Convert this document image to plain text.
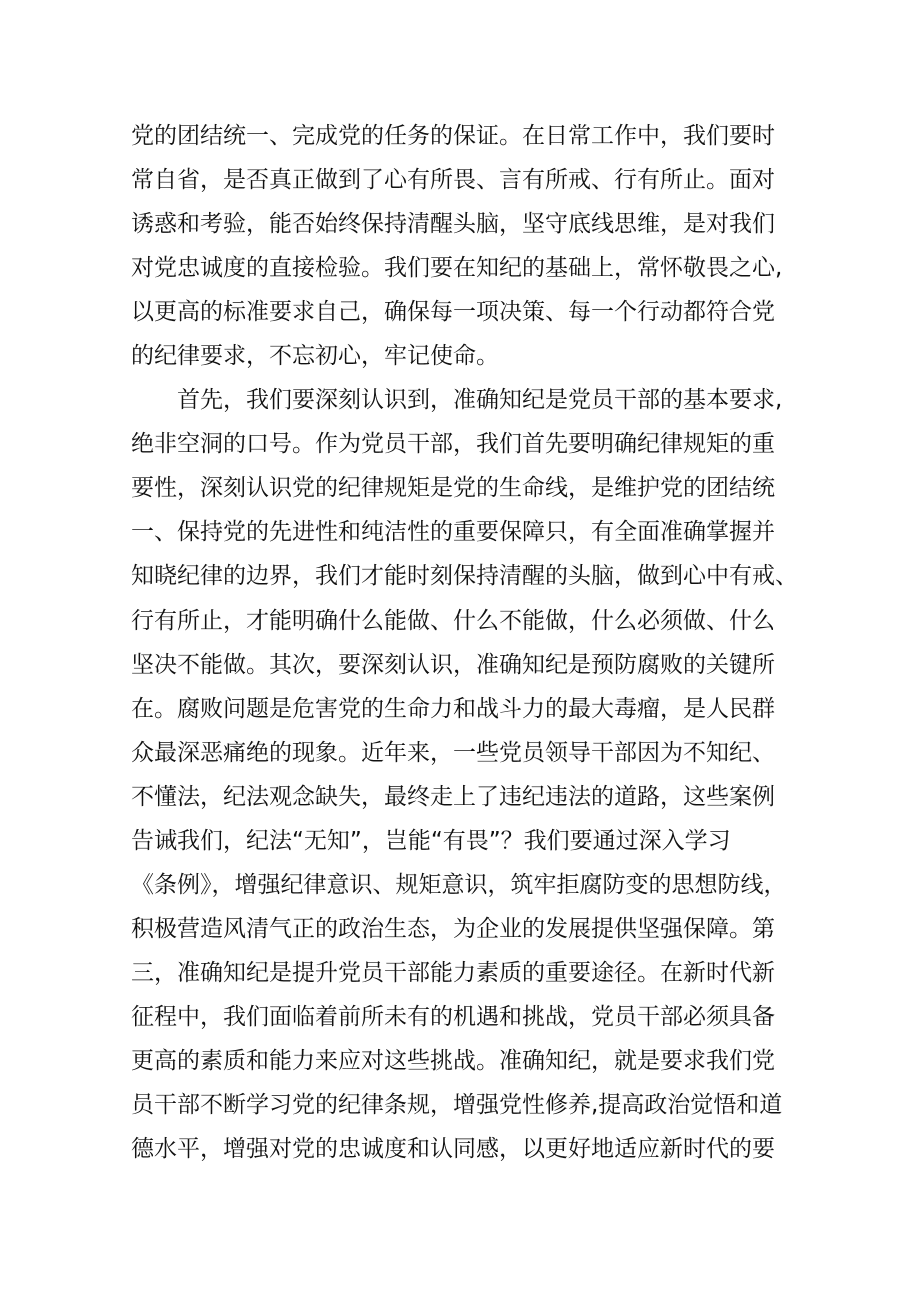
党的团结统一、完成党的任务的保证。在日常工作中，我们要时
常自省，是否真正做到了心有所畏、言有所戒、行有所止。面对
诱惑和考验，能否始终保持清醒头脑，坚守底线思维，是对我们
对党忠诚度的直接检验。我们要在知纪的基础上，常怀敬畏之心,
以更高的标准要求自己，确保每一项决策、每一个行动都符合党
的纪律要求，不忘初心，牢记使命。
首先，我们要深刻认识到，准确知纪是党员干部的基本要求,
绝非空洞的口号。作为党员干部，我们首先要明确纪律规矩的重
要性，深刻认识党的纪律规矩是党的生命线，是维护党的团结统
一、保持党的先进性和纯洁性的重要保障只，有全面准确掌握并
知晓纪律的边界，我们才能时刻保持清醒的头脑，做到心中有戒、
行有所止，才能明确什么能做、什么不能做，什么必须做、什么
坚决不能做。其次，要深刻认识，准确知纪是预防腐败的关键所
在。腐败问题是危害党的生命力和战斗力的最大毒瘤，是人民群
众最深恶痛绝的现象。近年来，一些党员领导干部因为不知纪、
不懂法，纪法观念缺失，最终走上了违纪违法的道路，这些案例
告诫我们，纪法“无知”，岂能“有畏”？我们要通过深入学习
《条例》，增强纪律意识、规矩意识，筑牢拒腐防变的思想防线，
积极营造风清气正的政治生态，为企业的发展提供坚强保障。第
三，准确知纪是提升党员干部能力素质的重要途径。在新时代新
征程中，我们面临着前所未有的机遇和挑战，党员干部必须具备
更高的素质和能力来应对这些挑战。准确知纪，就是要求我们党
员干部不断学习党的纪律条规，增强党性修养,提高政治觉悟和道
德水平，增强对党的忠诚度和认同感，以更好地适应新时代的要
